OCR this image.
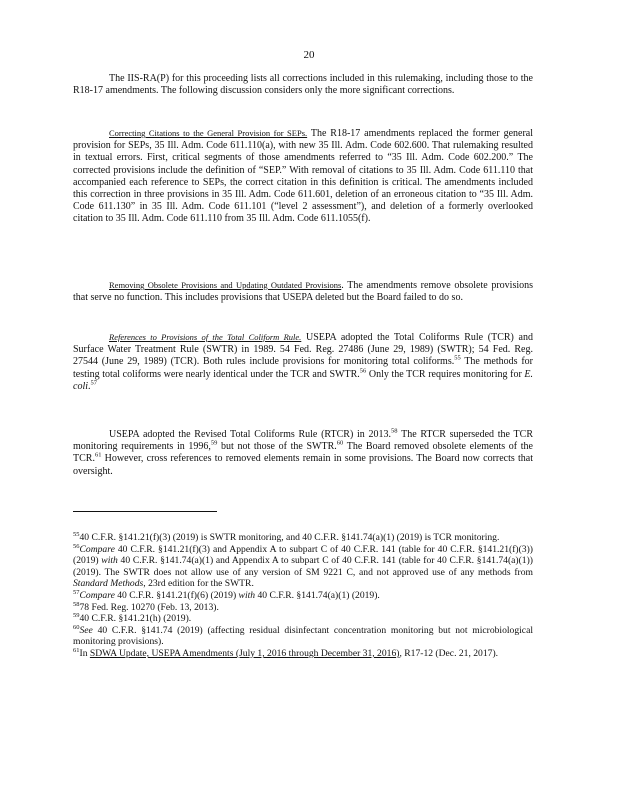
20

The IIS-RA(P) for this proceeding lists all corrections included in this rulemaking, including those to the R18-17 amendments. The following discussion considers only the more significant corrections.

Correcting Citations to the General Provision for SEPs. The R18-17 amendments replaced the former general provision for SEPs, 35 Ill. Adm. Code 611.110(a), with new 35 Ill. Adm. Code 602.600. That rulemaking resulted in textual errors. First, critical segments of those amendments referred to “35 Ill. Adm. Code 602.200.” The corrected provisions include the definition of “SEP.” With removal of citations to 35 Ill. Adm. Code 611.110 that accompanied each reference to SEPs, the correct citation in this definition is critical. The amendments included this correction in three provisions in 35 Ill. Adm. Code 611.601, deletion of an erroneous citation to “35 Ill. Adm. Code 611.130” in 35 Ill. Adm. Code 611.101 (“level 2 assessment”), and deletion of a formerly overlooked citation to 35 Ill. Adm. Code 611.110 from 35 Ill. Adm. Code 611.1055(f).

Removing Obsolete Provisions and Updating Outdated Provisions. The amendments remove obsolete provisions that serve no function. This includes provisions that USEPA deleted but the Board failed to do so.

References to Provisions of the Total Coliform Rule. USEPA adopted the Total Coliforms Rule (TCR) and Surface Water Treatment Rule (SWTR) in 1989. 54 Fed. Reg. 27486 (June 29, 1989) (SWTR); 54 Fed. Reg. 27544 (June 29, 1989) (TCR). Both rules include provisions for monitoring total coliforms.$^{55}$ The methods for testing total coliforms were nearly identical under the TCR and SWTR.$^{56}$ Only the TCR requires monitoring for E. coli.$^{57}$

USEPA adopted the Revised Total Coliforms Rule (RTCR) in 2013.58 The RTCR superseded the TCR monitoring requirements in 1996,59 but not those of the SWTR.$^{60}$ The Board removed obsolete elements of the TCR.$^{61}$ However, cross references to removed elements remain in some provisions. The Board now corrects that oversight.

$^{55}$40 C.F.R. §141.21(f)(3) (2019) is SWTR monitoring, and 40 C.F.R. §141.74(a)(1) (2019) is TCR monitoring.

$^{56}$Compare 40 C.F.R. §141.21(f)(3) and Appendix A to subpart C of 40 C.F.R. 141 (table for 40 C.F.R. §141.21(f)(3)) (2019) with 40 C.F.R. §141.74(a)(1) and Appendix A to subpart C of 40 C.F.R. 141 (table for 40 C.F.R. §141.74(a)(1)) (2019). The SWTR does not allow use of any version of SM 9221 C, and not approved use of any methods from Standard Methods, 23rd edition for the SWTR.

$^{57}$Compare 40 C.F.R. §141.21(f)(6) (2019) with 40 C.F.R. §141.74(a)(1) (2019).

$^{58}$78 Fed. Reg. 10270 (Feb. 13, 2013).

$^{59}$40 C.F.R. §141.21(h) (2019).

$^{60}$See 40 C.F.R. §141.74 (2019) (affecting residual disinfectant concentration monitoring but not microbiological monitoring provisions).

$^{61}$In SDWA Update, USEPA Amendments (July 1, 2016 through December 31, 2016), R17-12 (Dec. 21, 2017).
